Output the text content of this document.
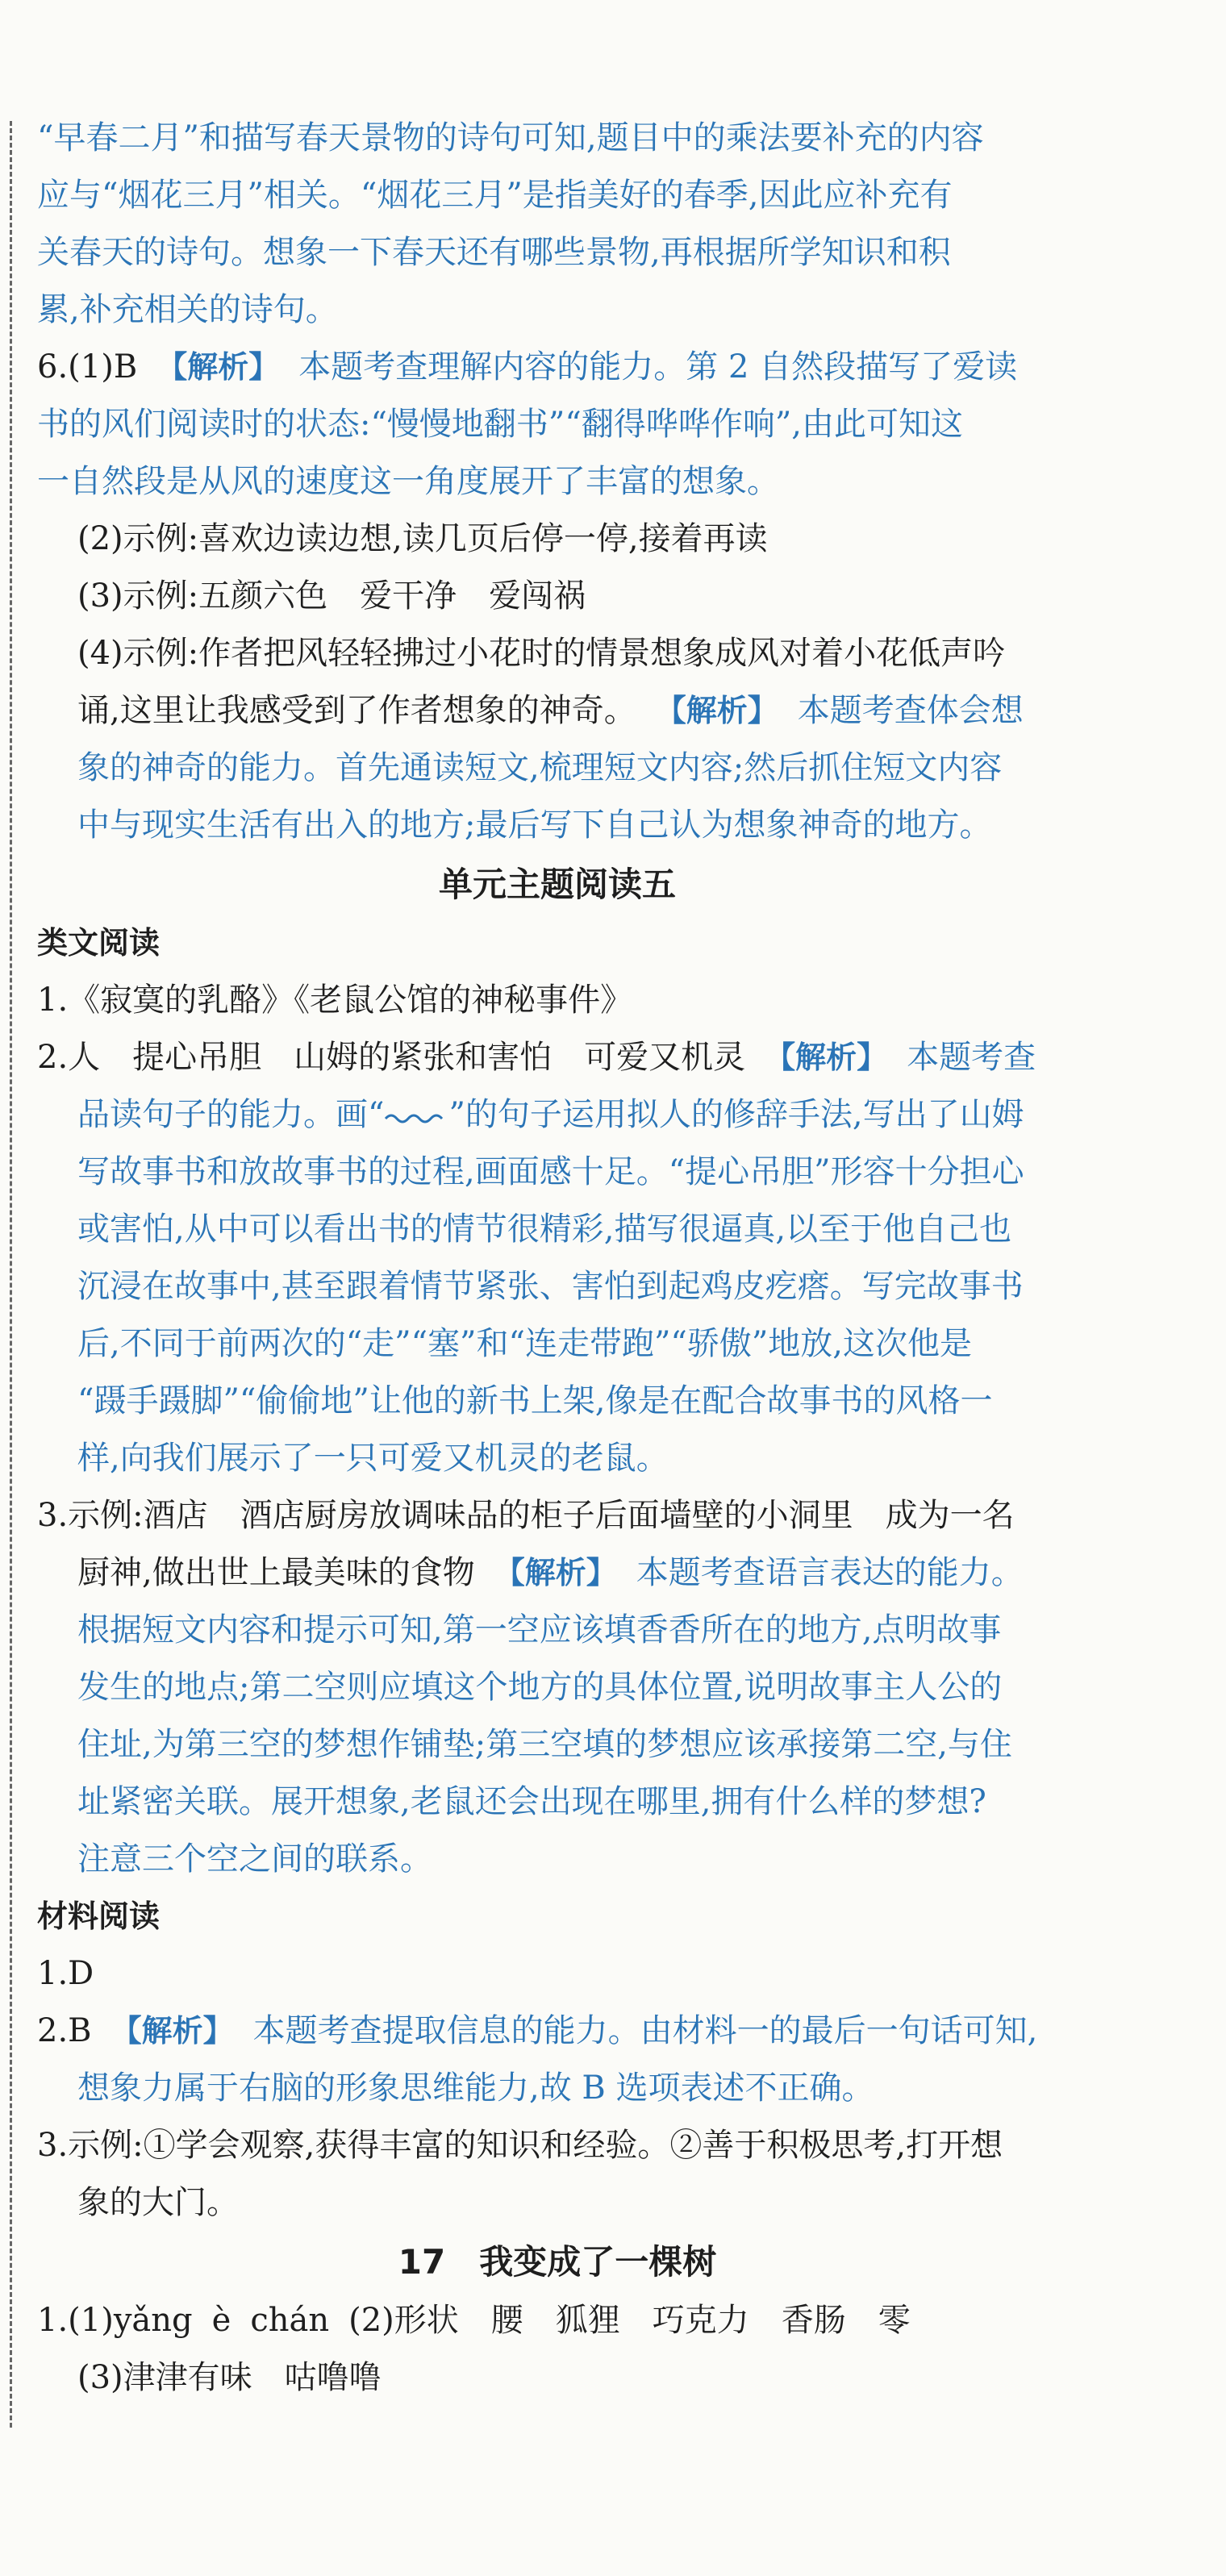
“早春二月”和描写春天景物的诗句可知,题目中的乘法要补充的内容

应与“烟花三月”相关。“烟花三月”是指美好的春季,因此应补充有

关春天的诗句。想象一下春天还有哪些景物,再根据所学知识和积

累,补充相关的诗句。

6.(1)B 【解析】 本题考查理解内容的能力。第 2 自然段描写了爱读

书的风们阅读时的状态:“慢慢地翻书”“翻得哗哗作响”,由此可知这

一自然段是从风的速度这一角度展开了丰富的想象。

(2)示例:喜欢边读边想,读几页后停一停,接着再读

(3)示例:五颜六色 爱干净 爱闯祸

(4)示例:作者把风轻轻拂过小花时的情景想象成风对着小花低声吟

诵,这里让我感受到了作者想象的神奇。 【解析】 本题考查体会想

象的神奇的能力。首先通读短文,梳理短文内容;然后抓住短文内容

中与现实生活有出入的地方;最后写下自己认为想象神奇的地方。

单元主题阅读五

类文阅读

1.《寂寞的乳酪》《老鼠公馆的神秘事件》

2.人 提心吊胆 山姆的紧张和害怕 可爱又机灵 【解析】 本题考查

品读句子的能力。画“ ”的句子运用拟人的修辞手法,写出了山姆

写故事书和放故事书的过程,画面感十足。“提心吊胆”形容十分担心

或害怕,从中可以看出书的情节很精彩,描写很逼真,以至于他自己也

沉浸在故事中,甚至跟着情节紧张、害怕到起鸡皮疙瘩。写完故事书

后,不同于前两次的“走”“塞”和“连走带跑”“骄傲”地放,这次他是

“蹑手蹑脚”“偷偷地”让他的新书上架,像是在配合故事书的风格一

样,向我们展示了一只可爱又机灵的老鼠。

3.示例:酒店 酒店厨房放调味品的柜子后面墙壁的小洞里 成为一名

厨神,做出世上最美味的食物 【解析】 本题考查语言表达的能力。

根据短文内容和提示可知,第一空应该填香香所在的地方,点明故事

发生的地点;第二空则应填这个地方的具体位置,说明故事主人公的

住址,为第三空的梦想作铺垫;第三空填的梦想应该承接第二空,与住

址紧密关联。展开想象,老鼠还会出现在哪里,拥有什么样的梦想?

注意三个空之间的联系。

材料阅读

1.D

2.B 【解析】 本题考查提取信息的能力。由材料一的最后一句话可知,

想象力属于右脑的形象思维能力,故 B 选项表述不正确。

3.示例:①学会观察,获得丰富的知识和经验。②善于积极思考,打开想

象的大门。

17　我变成了一棵树

1.(1)yǎng è chán (2)形状 腰 狐狸 巧克力 香肠 零

(3)津津有味 咕噜噜
